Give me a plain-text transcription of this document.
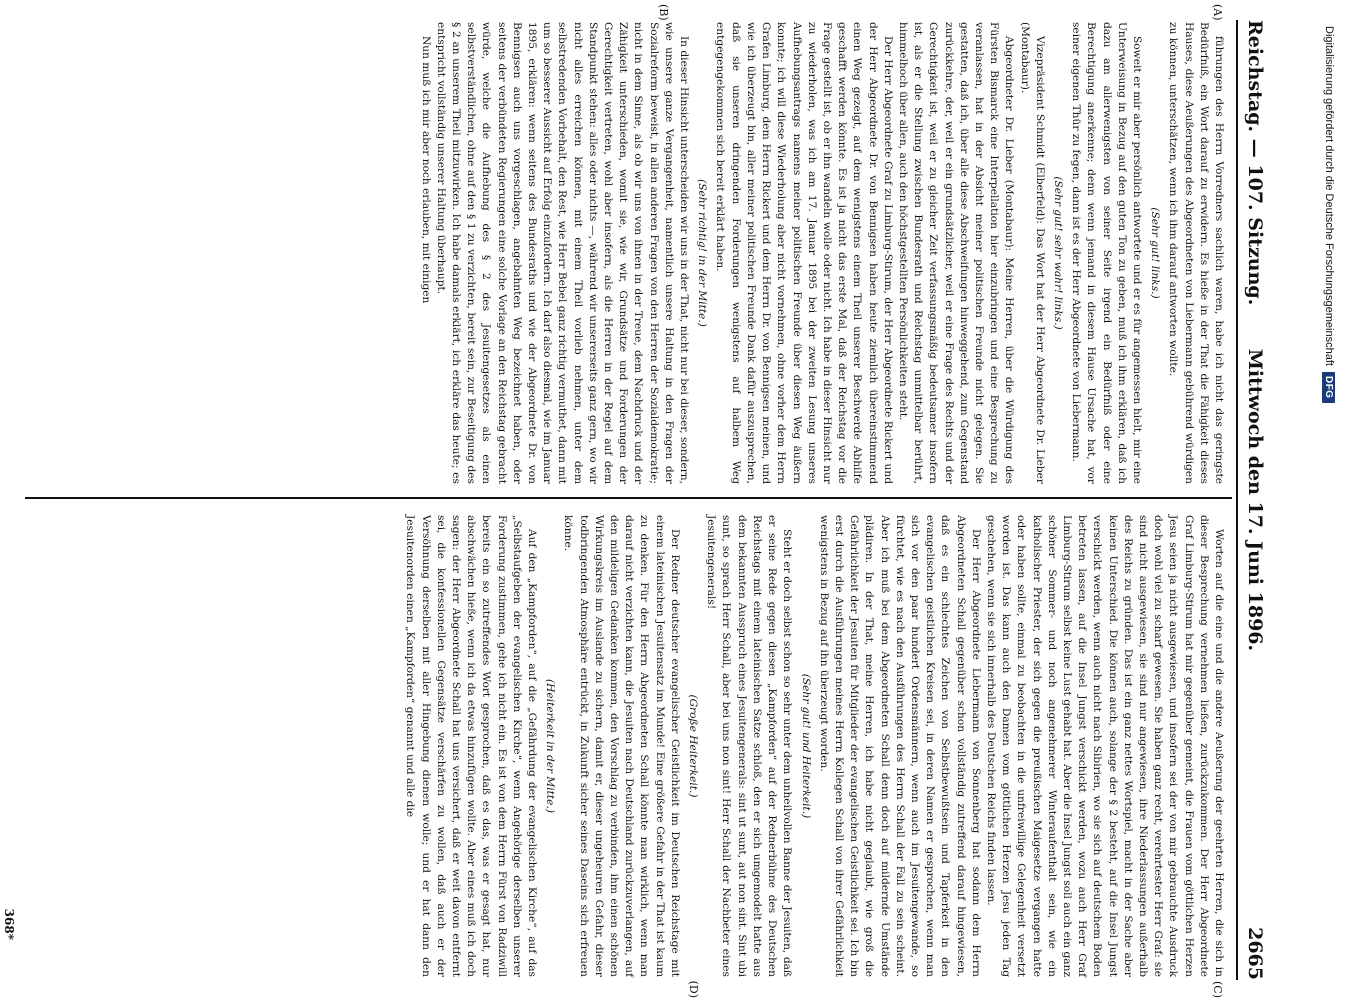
Reichstag. — 107. Sitzung.
Mittwoch den 17. Juni 1896.
2665
(A)
(B)
(C)
(D)

führungen des Herrn Vorredners sachlich waren, habe ich nicht das geringste Bedürfniß, ein Wort darauf zu erwidern. Es hieße in der That die Fähigkeit dieses Hauses, diese Aeußerungen des Abgeordneten von Liebermann gebührend würdigen zu können, unterschätzen, wenn ich ihm darauf antworten wollte.

(Sehr gut! links.)

Soweit er mir aber persönlich antwortete und er es für angemessen hielt, mir eine Unterweisung in Bezug auf den guten Ton zu geben, muß ich ihm erklären, daß ich dazu am allerwenigsten von seiner Seite irgend ein Bedürfniß oder eine Berechtigung anerkenne; denn wenn jemand in diesem Hause Ursache hat, vor seiner eigenen Thür zu fegen, dann ist es der Herr Abgeordnete von Liebermann.

(Sehr gut! sehr wahr! links.)

Vizepräsident Schmidt (Elberfeld): Das Wort hat der Herr Abgeordnete Dr. Lieber (Montabaur).

Abgeordneter Dr. Lieber (Montabaur): Meine Herren, über die Würdigung des Fürsten Bismarck eine Interpellation hier einzubringen und eine Besprechung zu veranlassen, hat in der Absicht meiner politischen Freunde nicht gelegen. Sie gestatten, daß ich, über alle diese Abschweifungen hinweggehend, zum Gegenstand zurückkehre, der, weil er ein grundsätzlicher, weil er eine Frage des Rechts und der Gerechtigkeit ist, weil er zu gleicher Zeit verfassungsmäßig bedeutsamer insofern ist, als er die Stellung zwischen Bundesrath und Reichstag unmittelbar berührt, himmelhoch über allen, auch den höchstgestellten Persönlichkeiten steht.

Der Herr Abgeordnete Graf zu Limburg-Stirum, der Herr Abgeordnete Rickert und der Herr Abgeordnete Dr. von Bennigsen haben heute ziemlich übereinstimmend einen Weg gezeigt, auf dem wenigstens einem Theil unserer Beschwerde Abhilfe geschafft werden könnte. Es ist ja nicht das erste Mal, daß der Reichstag vor die Frage gestellt ist, ob er ihn wandeln wolle oder nicht. Ich habe in dieser Hinsicht nur zu wiederholen, was ich am 17. Januar 1895 bei der zweiten Lesung unseres Aufhebungsantrags namens meiner politischen Freunde über diesen Weg äußern konnte; ich will diese Wiederholung aber nicht vornehmen, ohne vorher dem Herrn Grafen Limburg, dem Herrn Rickert und dem Herrn Dr. von Bennigsen meinen, und wie ich überzeugt bin, aller meiner politischen Freunde Dank dafür auszusprechen, daß sie unseren dringenden Forderungen wenigstens auf halbem Weg entgegengekommen sich bereit erklärt haben.

(Sehr richtig! in der Mitte.)

In dieser Hinsicht unterscheiden wir uns in der That, nicht nur bei dieser, sondern, wie unsere ganze Vergangenheit, namentlich unsere Haltung in den Fragen der Sozialreform beweist, in allen anderen Fragen von den Herren der Sozialdemokratie; nicht in dem Sinne, als ob wir uns von ihnen in der Treue, dem Nachdruck und der Zähigkeit unterschieden, womit sie, wie wir, Grundsätze und Forderungen der Gerechtigkeit vertreten, wohl aber insofern, als die Herren in der Regel auf dem Standpunkt stehen: alles oder nichts —, während wir unsererseits ganz gern, wo wir nicht alles erreichen können, mit einem Theil vorlieb nehmen, unter dem selbstredenden Vorbehalt, den Rest, wie Herr Bebel ganz richtig vermuthet, dann mit um so besserer Aussicht auf Erfolg einzufordern. Ich darf also diesmal, wie im Januar 1895, erklären: wenn seitens des Bundesraths und wie der Abgeordnete Dr. von Bennigsen auch uns vorgeschlagen, angebahnten Weg bezeichnet haben, oder seitens der verbündeten Regierungen eine solche Vorlage an den Reichstag gebracht würde, welche die Aufhebung des § 2 des Jesuitengesetzes als einen selbstverständlichen, ohne auf den § 1 zu verzichten, bereit sein, zur Beseitigung des § 2 an unserem Theil mitzuwirken. Ich habe damals erklärt, ich erkläre das heute; es entspricht vollständig unserer Haltung überhaupt.

Nun muß ich mir aber noch erlauben, mit einigen

Worten auf die eine und die andere Aeußerung der geehrten Herren, die sich in dieser Besprechung vernehmen ließen, zurückzukommen. Der Herr Abgeordnete Graf Limburg-Stirum hat mir gegenüber gemeint, die Frauen vom göttlichen Herzen Jesu seien ja nicht ausgewiesen, und insofern sei der von mir gebrauchte Ausdruck doch wohl viel zu scharf gewesen. Sie haben ganz recht, verehrtester Herr Graf: sie sind nicht ausgewiesen, sie sind nur angewiesen, ihre Niederlassungen außerhalb des Reichs zu gründen. Das ist ein ganz nettes Wortspiel, macht in der Sache aber keinen Unterschied. Die können auch, solange der § 2 besteht, auf die Insel Jungst verschickt werden, wenn auch nicht nach Sibirien, wo sie sich auf deutschem Boden betreten lassen, auf die Insel Jungst verschickt werden, wozu auch Herr Graf Limburg-Stirum selbst keine Lust gehabt hat. Aber die Insel Jungst soll auch ein ganz schöner Sommer- und noch angenehmerer Winteraufenthalt sein, wie ein katholischer Priester, der sich gegen die preußischen Maigesetze vergangen hatte oder haben sollte, einmal zu beobachten in die unfreiwillige Gelegenheit versetzt worden ist. Das kann auch den Damen vom göttlichen Herzen Jesu jeden Tag geschehen, wenn sie sich innerhalb des Deutschen Reichs finden lassen.

Der Herr Abgeordnete Liebermann von Sonnenberg hat sodann dem Herrn Abgeordneten Schall gegenüber schon vollständig zutreffend darauf hingewiesen, daß es ein schlechtes Zeichen von Selbstbewußtsein und Tapferkeit in den evangelischen geistlichen Kreisen sei, in deren Namen er gesprochen, wenn man sich vor den paar hundert Ordensmännern, wenn auch im Jesuitengewande, so fürchtet, wie es nach den Ausführungen des Herrn Schall der Fall zu sein scheint. Aber ich muß bei dem Abgeordneten Schall denn doch auf mildernde Umstände plädiren. In der That, meine Herren, ich habe nicht geglaubt, wie groß die Gefährlichkeit der Jesuiten für Mitglieder der evangelischen Geistlichkeit sei. Ich bin erst durch die Ausführungen meines Herrn Kollegen Schall von ihrer Gefährlichkeit wenigstens in Bezug auf ihn überzeugt worden.

(Sehr gut! und Heiterkeit.)

Steht er doch selbst schon so sehr unter dem unheilvollen Banne der Jesuiten, daß er seine Rede gegen diesen „Kampforden“ auf der Rednerbühne des Deutschen Reichstags mit einem lateinischen Satze schloß, den er sich umgemodelt hatte aus dem bekannten Ausspruch eines Jesuitengenerals: sint ut sunt, aut non sint. Sint ubi sunt, so sprach Herr Schall, aber bei uns non sint! Herr Schall der Nachbeter eines Jesuitengenerals!

(Große Heiterkeit.)

Der Redner deutscher evangelischer Geistlichkeit im Deutschen Reichstage mit einem lateinischen Jesuitensatz im Munde! Eine größere Gefahr in der That ist kaum zu denken. Für den Herrn Abgeordneten Schall könnte man wirklich, wenn man darauf nicht verzichten kann, die Jesuiten nach Deutschland zurückzuverlangen, auf den mildeligen Gedanken kommen, den Vorschlag zu verbinden, ihm einen schönen Wirkungskreis im Auslande zu sichern, damit er, dieser ungeheuren Gefahr, dieser todbringenden Atmosphäre entrückt, in Zukunft sicher seines Daseins sich erfreuen könne.

(Heiterkeit in der Mitte.)

Auf den „Kampforden“, auf die „Gefährdung der evangelischen Kirche“, auf das „Selbstaufgeben der evangelischen Kirche“, wenn Angehörige derselben unserer Forderung zustimmen, gehe ich nicht ein. Es ist von dem Herrn Fürst von Radziwill bereits ein so zutreffendes Wort gesprochen, daß es das, was er gesagt hat, nur abschwächen hieße, wenn ich da etwas hinzufügen wollte. Aber eines muß ich doch sagen: der Herr Abgeordnete Schall hat uns versichert, daß er weit davon entfernt sei, die konfessionellen Gegensätze verschärfen zu wollen, daß auch er der Versöhnung derselben mit aller Hingebung dienen wolle; und er hat dann den Jesuitenorden einen „Kampforden“ genannt und alle die

368*
Digitalisierung gefördert durch die Deutsche Forschungsgemeinschaft
DFG
